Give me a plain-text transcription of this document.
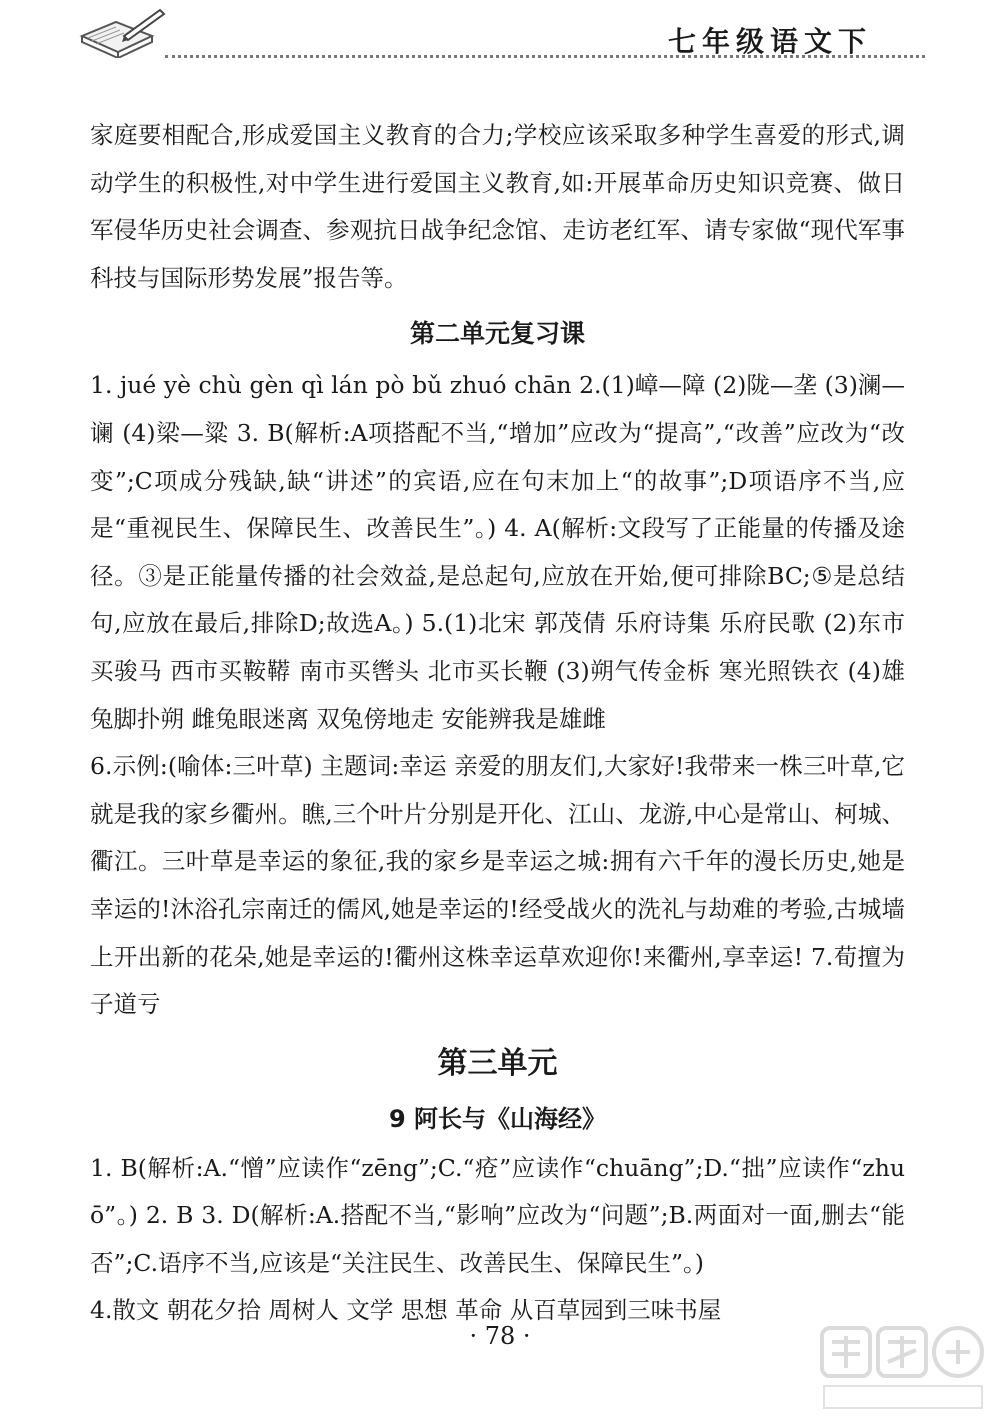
七年级语文下

家庭要相配合,形成爱国主义教育的合力;学校应该采取多种学生喜爱的形式,调动学生的积极性,对中学生进行爱国主义教育,如:开展革命历史知识竞赛、做日军侵华历史社会调查、参观抗日战争纪念馆、走访老红军、请专家做“现代军事科技与国际形势发展”报告等。

第二单元复习课

1. jué yè chù gèn qì lán pò bǔ zhuó chān 2.(1)嶂—障 (2)陇—垄 (3)澜—谰 (4)梁—粱 3. B(解析:A项搭配不当,“增加”应改为“提高”,“改善”应改为“改变”;C项成分残缺,缺“讲述”的宾语,应在句末加上“的故事”;D项语序不当,应是“重视民生、保障民生、改善民生”。) 4. A(解析:文段写了正能量的传播及途径。③是正能量传播的社会效益,是总起句,应放在开始,便可排除BC;⑤是总结句,应放在最后,排除D;故选A。) 5.(1)北宋 郭茂倩 乐府诗集 乐府民歌 (2)东市买骏马 西市买鞍鞯 南市买辔头 北市买长鞭 (3)朔气传金柝 寒光照铁衣 (4)雄兔脚扑朔 雌兔眼迷离 双兔傍地走 安能辨我是雄雌

6.示例:(喻体:三叶草) 主题词:幸运 亲爱的朋友们,大家好!我带来一株三叶草,它就是我的家乡衢州。瞧,三个叶片分别是开化、江山、龙游,中心是常山、柯城、衢江。三叶草是幸运的象征,我的家乡是幸运之城:拥有六千年的漫长历史,她是幸运的!沐浴孔宗南迁的儒风,她是幸运的!经受战火的洗礼与劫难的考验,古城墙上开出新的花朵,她是幸运的!衢州这株幸运草欢迎你!来衢州,享幸运! 7.荀擅为 子道亏

第三单元
9 阿长与《山海经》

1. B(解析:A.“憎”应读作“zēng”;C.“疮”应读作“chuāng”;D.“拙”应读作“zhuō”。) 2. B 3. D(解析:A.搭配不当,“影响”应改为“问题”;B.两面对一面,删去“能否”;C.语序不当,应该是“关注民生、改善民生、保障民生”。)

4.散文 朝花夕拾 周树人 文学 思想 革命 从百草园到三味书屋

· 78 ·
